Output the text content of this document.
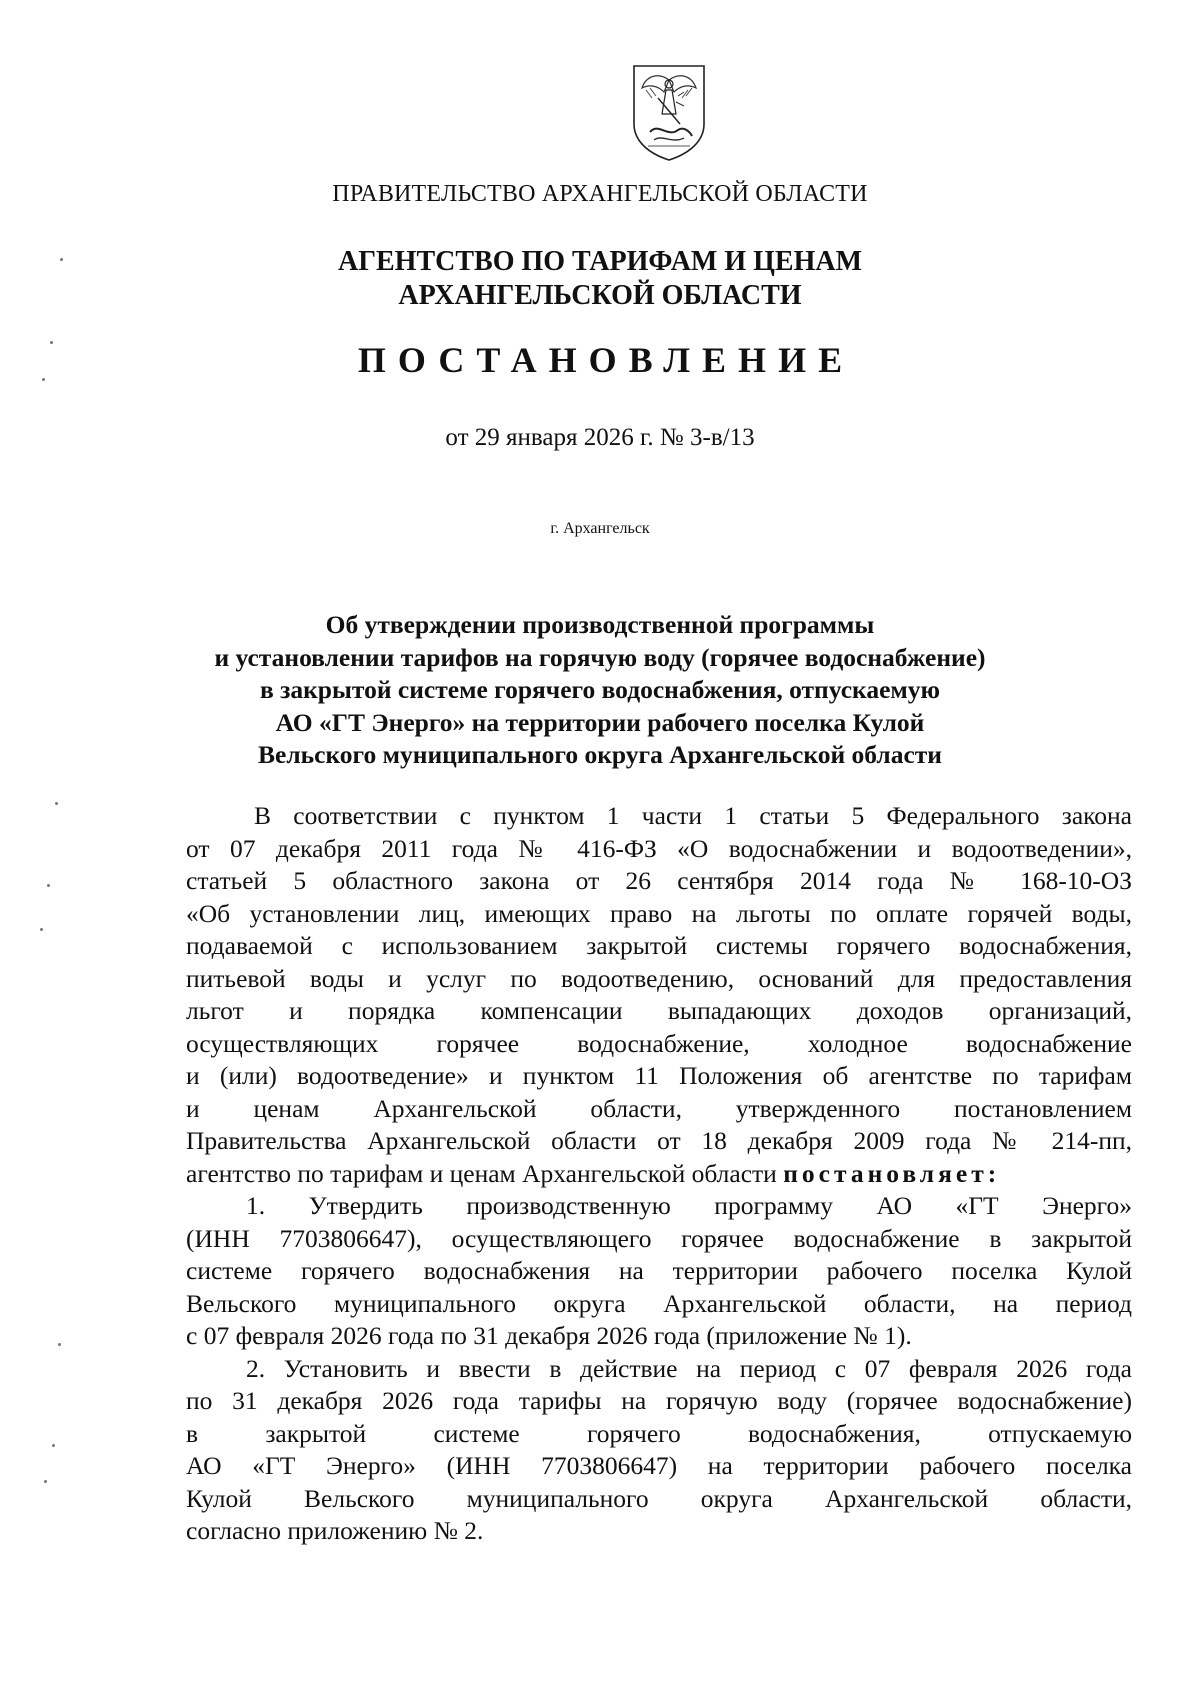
ПРАВИТЕЛЬСТВО АРХАНГЕЛЬСКОЙ ОБЛАСТИ
АГЕНТСТВО ПО ТАРИФАМ И ЦЕНАМ
АРХАНГЕЛЬСКОЙ ОБЛАСТИ
ПОСТАНОВЛЕНИЕ
от 29 января 2026 г. № 3-в/13
г. Архангельск
Об утверждении производственной программы
и установлении тарифов на горячую воду (горячее водоснабжение)
в закрытой системе горячего водоснабжения, отпускаемую
АО «ГТ Энерго» на территории рабочего поселка Кулой
Вельского муниципального округа Архангельской области
В соответствии с пунктом 1 части 1 статьи 5 Федерального закона
от 07 декабря 2011 года № 416-ФЗ «О водоснабжении и водоотведении»,
статьей 5 областного закона от 26 сентября 2014 года № 168-10-ОЗ
«Об установлении лиц, имеющих право на льготы по оплате горячей воды,
подаваемой с использованием закрытой системы горячего водоснабжения,
питьевой воды и услуг по водоотведению, оснований для предоставления
льгот и порядка компенсации выпадающих доходов организаций,
осуществляющих горячее водоснабжение, холодное водоснабжение
и (или) водоотведение» и пунктом 11 Положения об агентстве по тарифам
и ценам Архангельской области, утвержденного постановлением
Правительства Архангельской области от 18 декабря 2009 года № 214-пп,
агентство по тарифам и ценам Архангельской области постановляет:
1. Утвердить производственную программу АО «ГТ Энерго»
(ИНН 7703806647), осуществляющего горячее водоснабжение в закрытой
системе горячего водоснабжения на территории рабочего поселка Кулой
Вельского муниципального округа Архангельской области, на период
с 07 февраля 2026 года по 31 декабря 2026 года (приложение № 1).
2. Установить и ввести в действие на период с 07 февраля 2026 года
по 31 декабря 2026 года тарифы на горячую воду (горячее водоснабжение)
в закрытой системе горячего водоснабжения, отпускаемую
АО «ГТ Энерго» (ИНН 7703806647) на территории рабочего поселка
Кулой Вельского муниципального округа Архангельской области,
согласно приложению № 2.
